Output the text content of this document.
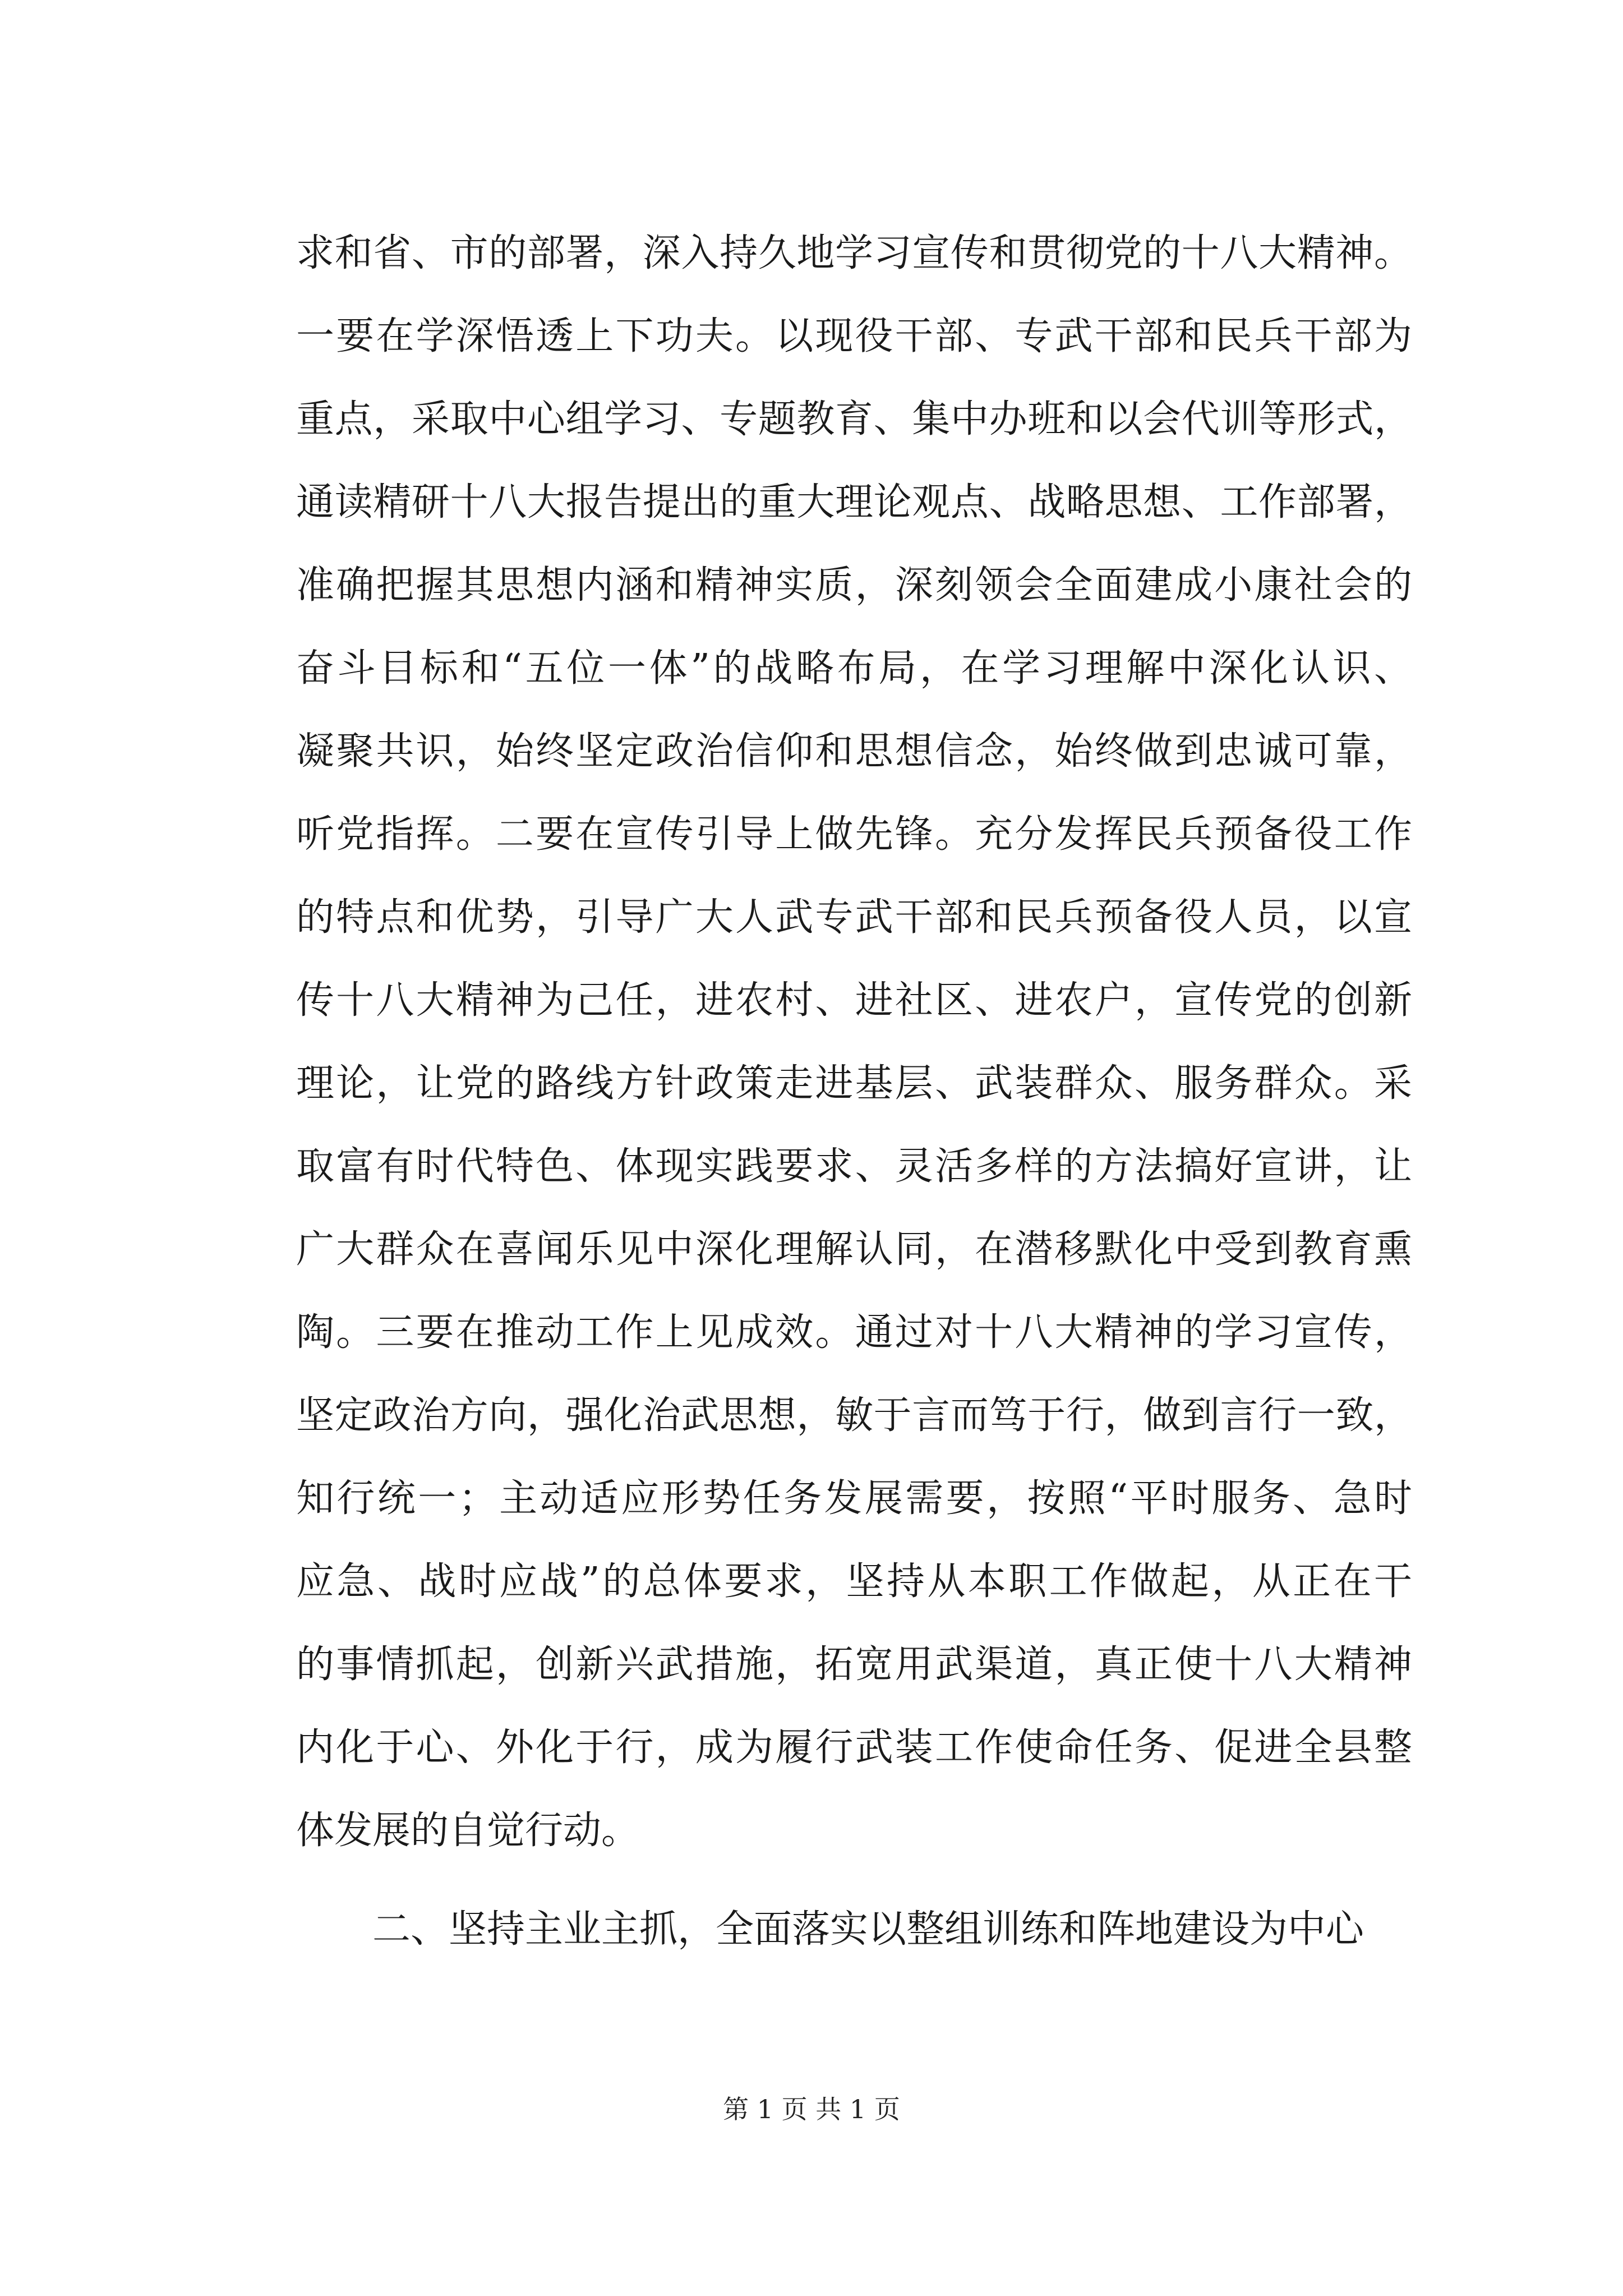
求和省、市的部署，深入持久地学习宣传和贯彻党的十八大精神。
一要在学深悟透上下功夫。以现役干部、专武干部和民兵干部为
重点，采取中心组学习、专题教育、集中办班和以会代训等形式，
通读精研十八大报告提出的重大理论观点、战略思想、工作部署，
准确把握其思想内涵和精神实质，深刻领会全面建成小康社会的
奋斗目标和“五位一体”的战略布局，在学习理解中深化认识、
凝聚共识，始终坚定政治信仰和思想信念，始终做到忠诚可靠，
听党指挥。二要在宣传引导上做先锋。充分发挥民兵预备役工作
的特点和优势，引导广大人武专武干部和民兵预备役人员，以宣
传十八大精神为己任，进农村、进社区、进农户，宣传党的创新
理论，让党的路线方针政策走进基层、武装群众、服务群众。采
取富有时代特色、体现实践要求、灵活多样的方法搞好宣讲，让
广大群众在喜闻乐见中深化理解认同，在潜移默化中受到教育熏
陶。三要在推动工作上见成效。通过对十八大精神的学习宣传，
坚定政治方向，强化治武思想，敏于言而笃于行，做到言行一致，
知行统一；主动适应形势任务发展需要，按照“平时服务、急时
应急、战时应战”的总体要求，坚持从本职工作做起，从正在干
的事情抓起，创新兴武措施，拓宽用武渠道，真正使十八大精神
内化于心、外化于行，成为履行武装工作使命任务、促进全县整
体发展的自觉行动。
二、坚持主业主抓，全面落实以整组训练和阵地建设为中心
第 1 页 共 1 页
